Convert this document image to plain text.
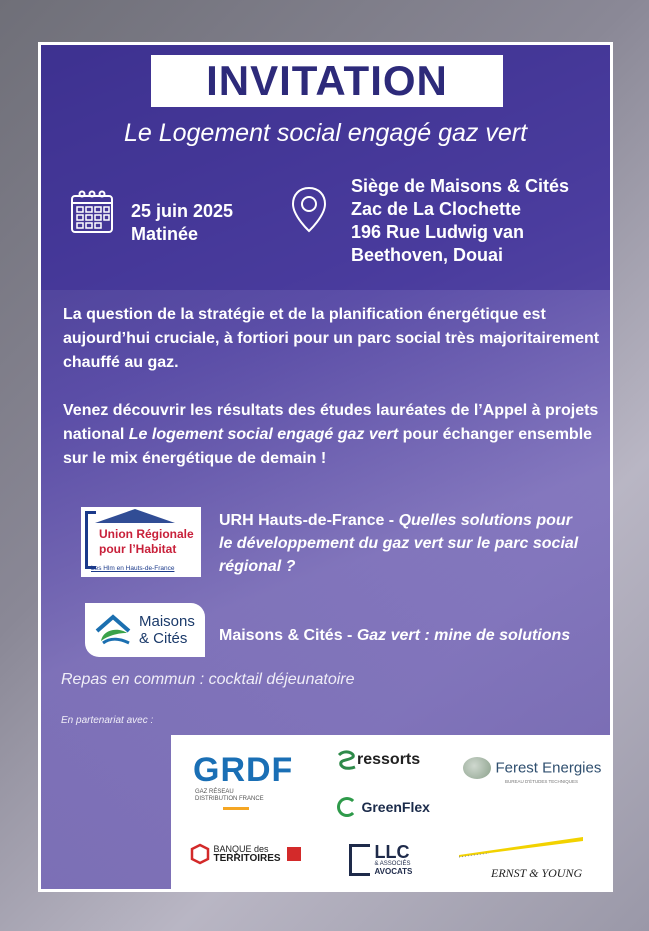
INVITATION
Le Logement social engagé gaz vert
25 juin 2025
Matinée
Siège de Maisons & Cités
Zac de La Clochette
196 Rue Ludwig van
Beethoven, Douai

La question de la stratégie et de la planification énergétique est aujourd’hui cruciale, à fortiori pour un parc social très majoritairement chauffé au gaz.

Venez découvrir les résultats des études lauréates de l’Appel à projets national Le logement social engagé gaz vert pour échanger ensemble sur le mix énergétique de demain !

Union Régionale
pour l’Habitat
Les Hlm en Hauts-de-France
URH Hauts-de-France - Quelles solutions pour le développement du gaz vert sur le parc social régional ?
Maisons
& Cités Maisons & Cités - Gaz vert : mine de solutions
Repas en commun : cocktail déjeunatoire
En partenariat avec :
GRDF
GAZ RÉSEAU DISTRIBUTION FRANCE
ressorts
GreenFlex
Ferest Energies
BUREAU D'ÉTUDES TECHNIQUES

BANQUE des
TERRITOIRES

	LLC
& ASSOCIÉS
AVOCATS	ERNST & YOUNG
